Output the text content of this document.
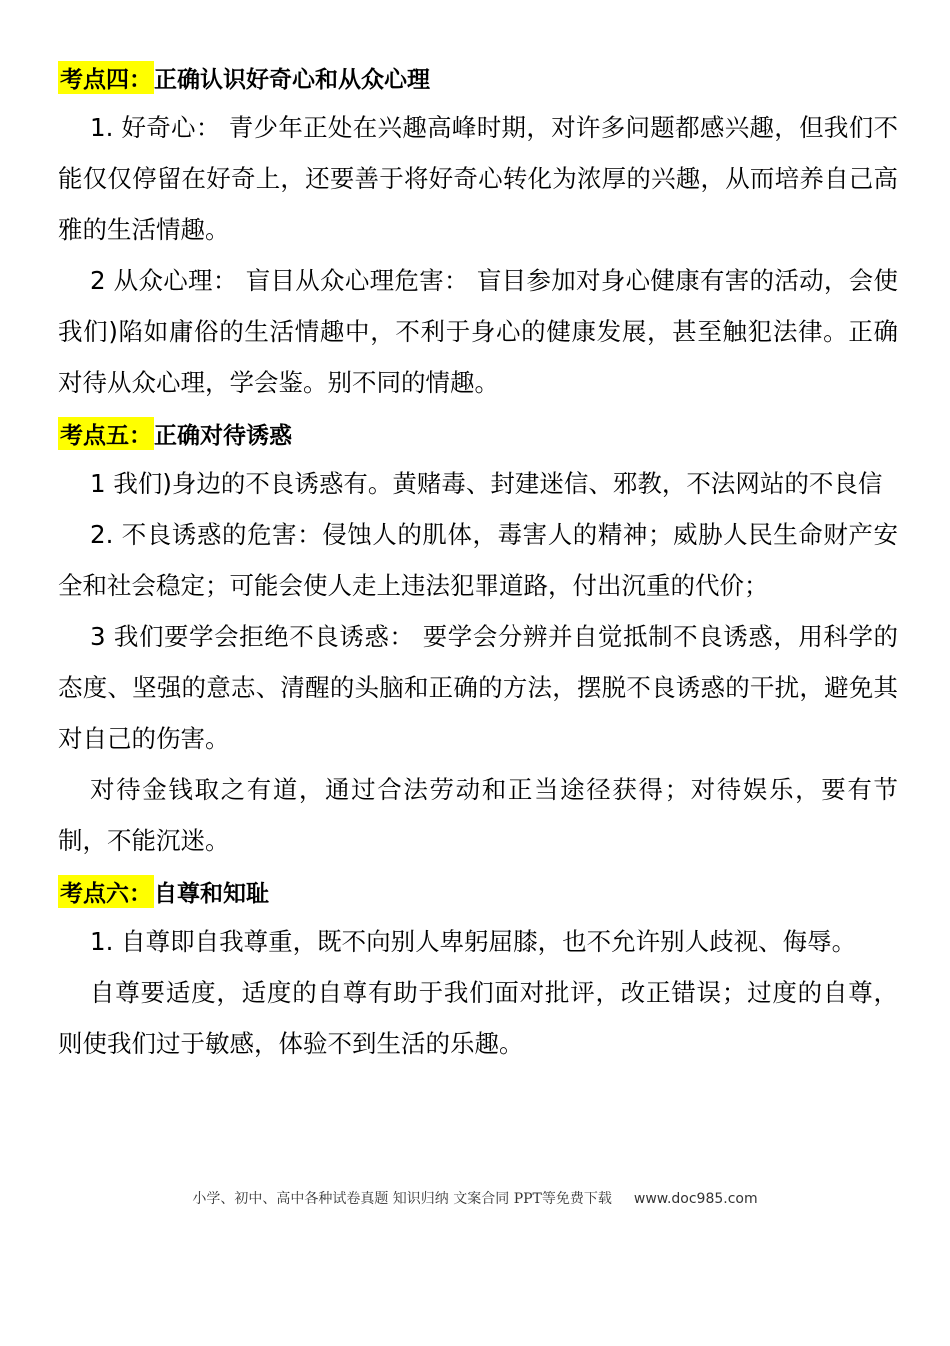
考点四： 正确认识好奇心和从众心理

1. 好奇心： 青少年正处在兴趣高峰时期，对许多问题都感兴趣，但我们不能仅仅停留在好奇上，还要善于将好奇心转化为浓厚的兴趣，从而培养自己高雅的生活情趣。

2 从众心理： 盲目从众心理危害： 盲目参加对身心健康有害的活动，会使我们)陷如庸俗的生活情趣中，不利于身心的健康发展，甚至触犯法律。正确对待从众心理，学会鉴。别不同的情趣。

考点五： 正确对待诱惑

1 我们)身边的不良诱惑有。黄赌毒、封建迷信、邪教，不法网站的不良信

2. 不良诱惑的危害：侵蚀人的肌体，毒害人的精神；威胁人民生命财产安全和社会稳定；可能会使人走上违法犯罪道路，付出沉重的代价；

3 我们要学会拒绝不良诱惑： 要学会分辨并自觉抵制不良诱惑，用科学的态度、坚强的意志、清醒的头脑和正确的方法，摆脱不良诱惑的干扰，避免其对自己的伤害。

对待金钱取之有道，通过合法劳动和正当途径获得；对待娱乐，要有节制，不能沉迷。

考点六： 自尊和知耻

1. 自尊即自我尊重，既不向别人卑躬屈膝，也不允许别人歧视、侮辱。

自尊要适度，适度的自尊有助于我们面对批评，改正错误；过度的自尊，则使我们过于敏感，体验不到生活的乐趣。

小学、初中、高中各种试卷真题 知识归纳 文案合同 PPT等免费下载 www.doc985.com
